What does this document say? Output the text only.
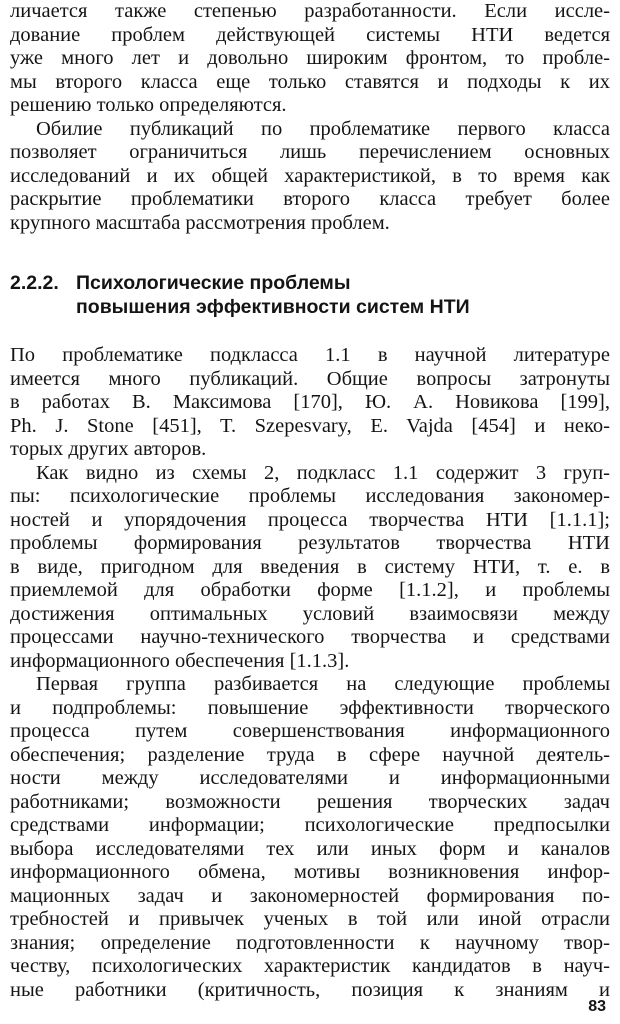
личается также степенью разработанности. Если иссле-
дование проблем действующей системы НТИ ведется
уже много лет и довольно широким фронтом, то пробле-
мы второго класса еще только ставятся и подходы к их
решению только определяются.
Обилие публикаций по проблематике первого класса
позволяет ограничиться лишь перечислением основных
исследований и их общей характеристикой, в то время как
раскрытие проблематики второго класса требует более
крупного масштаба рассмотрения проблем.
2.2.2. Психологические проблемы
повышения эффективности систем НТИ
По проблематике подкласса 1.1 в научной литературе
имеется много публикаций. Общие вопросы затронуты
в работах В. Максимова [170], Ю. А. Новикова [199],
Ph. J. Stone [451], T. Szepesvary, E. Vajda [454] и неко-
торых других авторов.
Как видно из схемы 2, подкласс 1.1 содержит 3 груп-
пы: психологические проблемы исследования закономер-
ностей и упорядочения процесса творчества НТИ [1.1.1];
проблемы формирования результатов творчества НТИ
в виде, пригодном для введения в систему НТИ, т. е. в
приемлемой для обработки форме [1.1.2], и проблемы
достижения оптимальных условий взаимосвязи между
процессами научно-технического творчества и средствами
информационного обеспечения [1.1.3].
Первая группа разбивается на следующие проблемы
и подпроблемы: повышение эффективности творческого
процесса путем совершенствования информационного
обеспечения; разделение труда в сфере научной деятель-
ности между исследователями и информационными
работниками; возможности решения творческих задач
средствами информации; психологические предпосылки
выбора исследователями тех или иных форм и каналов
информационного обмена, мотивы возникновения инфор-
мационных задач и закономерностей формирования по-
требностей и привычек ученых в той или иной отрасли
знания; определение подготовленности к научному твор-
честву, психологических характеристик кандидатов в науч-
ные работники (критичность, позиция к знаниям и
83
